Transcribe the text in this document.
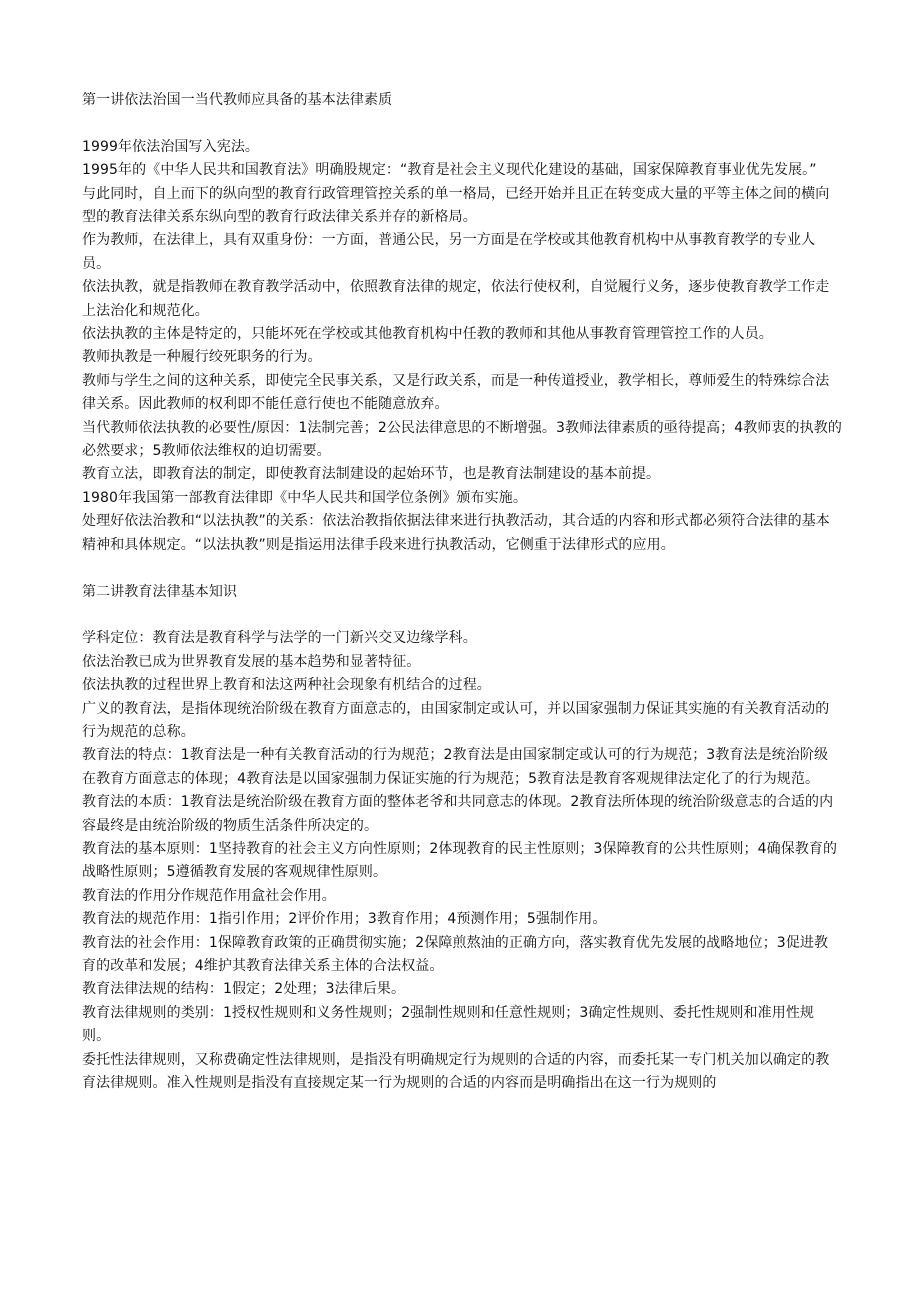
第一讲依法治国一当代教师应具备的基本法律素质

1999年依法治国写入宪法。

1995年的《中华人民共和国教育法》明确股规定：“教育是社会主义现代化建设的基础，国家保障教育事业优先发展。”

与此同时，自上而下的纵向型的教育行政管理管控关系的单一格局，已经开始并且正在转变成大量的平等主体之间的横向型的教育法律关系东纵向型的教育行政法律关系并存的新格局。

作为教师，在法律上，具有双重身份：一方面，普通公民，另一方面是在学校或其他教育机构中从事教育教学的专业人员。

依法执教，就是指教师在教育教学活动中，依照教育法律的规定，依法行使权利，自觉履行义务，逐步使教育教学工作走上法治化和规范化。

依法执教的主体是特定的，只能坏死在学校或其他教育机构中任教的教师和其他从事教育管理管控工作的人员。

教师执教是一种履行绞死职务的行为。

教师与学生之间的这种关系，即使完全民事关系，又是行政关系，而是一种传道授业，教学相长，尊师爱生的特殊综合法律关系。因此教师的权利即不能任意行使也不能随意放弃。

当代教师依法执教的必要性/原因：1法制完善；2公民法律意思的不断增强。3教师法律素质的亟待提高；4教师衷的执教的必然要求；5教师依法维权的迫切需要。

教育立法，即教育法的制定，即使教育法制建设的起始环节，也是教育法制建设的基本前提。

1980年我国第一部教育法律即《中华人民共和国学位条例》颁布实施。

处理好依法治教和“以法执教”的关系：依法治教指依据法律来进行执教活动，其合适的内容和形式都必须符合法律的基本精神和具体规定。“以法执教”则是指运用法律手段来进行执教活动，它侧重于法律形式的应用。

第二讲教育法律基本知识

学科定位：教育法是教育科学与法学的一门新兴交叉边缘学科。

依法治教已成为世界教育发展的基本趋势和显著特征。

依法执教的过程世界上教育和法这两种社会现象有机结合的过程。

广义的教育法，是指体现统治阶级在教育方面意志的，由国家制定或认可，并以国家强制力保证其实施的有关教育活动的行为规范的总称。

教育法的特点：1教育法是一种有关教育活动的行为规范；2教育法是由国家制定或认可的行为规范；3教育法是统治阶级在教育方面意志的体现；4教育法是以国家强制力保证实施的行为规范；5教育法是教育客观规律法定化了的行为规范。

教育法的本质：1教育法是统治阶级在教育方面的整体老爷和共同意志的体现。2教育法所体现的统治阶级意志的合适的内容最终是由统治阶级的物质生活条件所决定的。

教育法的基本原则：1坚持教育的社会主义方向性原则；2体现教育的民主性原则；3保障教育的公共性原则；4确保教育的战略性原则；5遵循教育发展的客观规律性原则。

教育法的作用分作规范作用盒社会作用。

教育法的规范作用：1指引作用；2评价作用；3教育作用；4预测作用；5强制作用。

教育法的社会作用：1保障教育政策的正确贯彻实施；2保障煎熬油的正确方向，落实教育优先发展的战略地位；3促进教育的改革和发展；4维护其教育法律关系主体的合法权益。

教育法律法规的结构：1假定；2处理；3法律后果。

教育法律规则的类别：1授权性规则和义务性规则；2强制性规则和任意性规则；3确定性规则、委托性规则和准用性规则。

委托性法律规则，又称费确定性法律规则，是指没有明确规定行为规则的合适的内容，而委托某一专门机关加以确定的教育法律规则。准入性规则是指没有直接规定某一行为规则的合适的内容而是明确指出在这一行为规则的
